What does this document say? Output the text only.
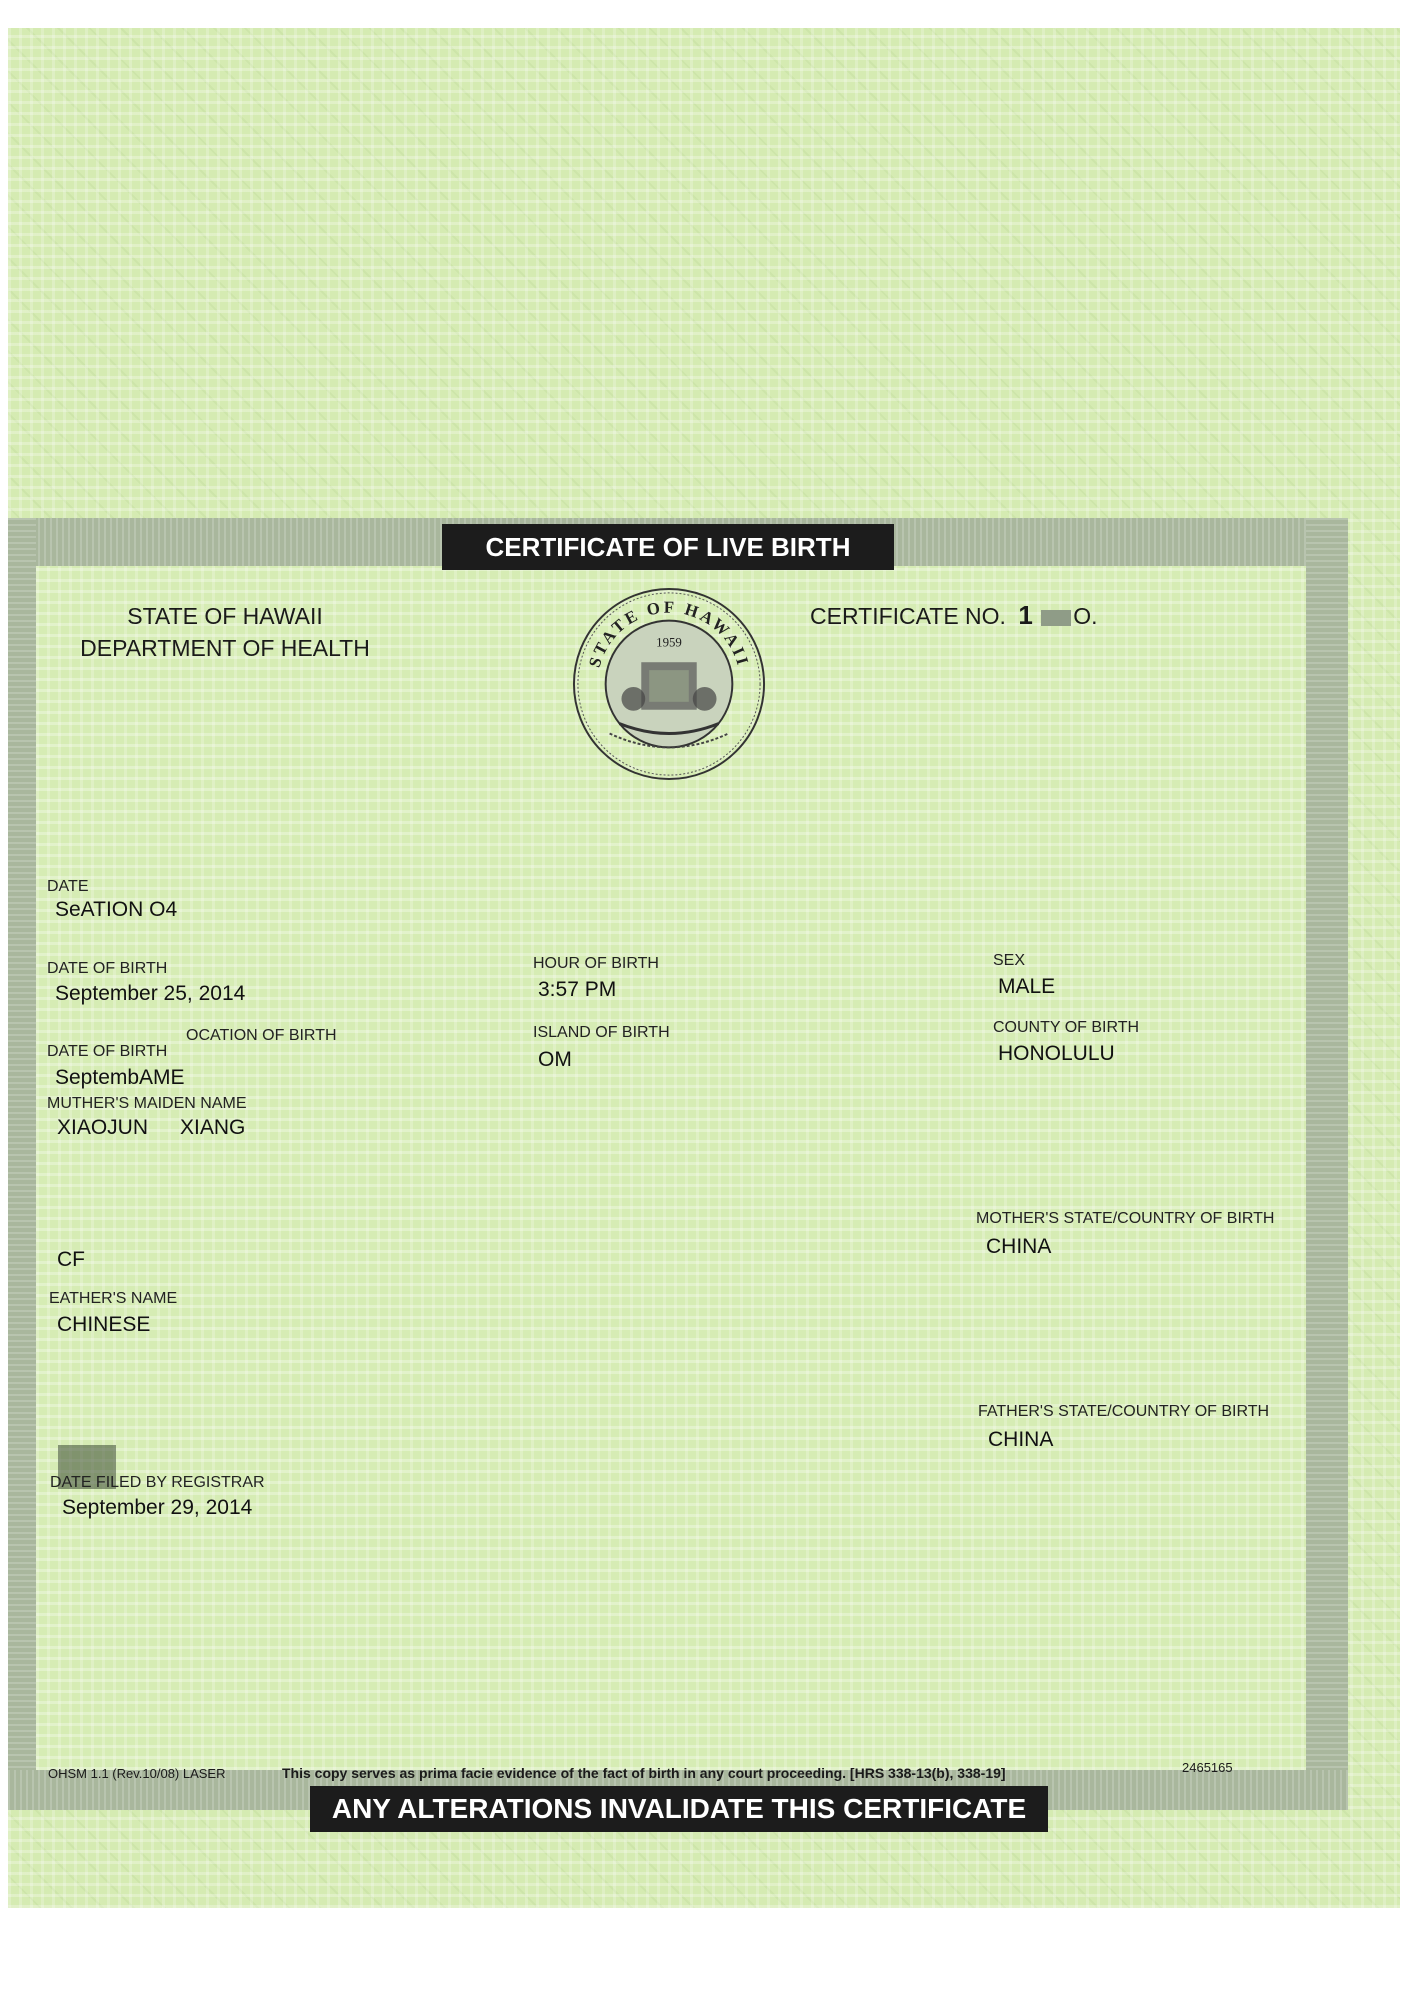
CERTIFICATE OF LIVE BIRTH
STATE OF HAWAII
DEPARTMENT OF HEALTH
CERTIFICATE NO. 1 O.
STATE OF HAWAII
1959
DATE
SeATION O4
DATE OF BIRTH
September 25, 2014
HOUR OF BIRTH
3:57 PM
SEX
MALE
OCATION OF BIRTH
DATE OF BIRTH
SeptembAME
ISLAND OF BIRTH
OM
COUNTY OF BIRTH
HONOLULU
MUTHER'S MAIDEN NAME
XIAOJUN XIANG
MOTHER'S STATE/COUNTRY OF BIRTH
CHINA
CF
EATHER'S NAME
CHINESE
FATHER'S STATE/COUNTRY OF BIRTH
CHINA
DATE FILED BY REGISTRAR
September 29, 2014
OHSM 1.1 (Rev.10/08) LASER	This copy serves as prima facie evidence of the fact of birth in any court proceeding. [HRS 338-13(b), 338-19]	2465165
ANY ALTERATIONS INVALIDATE THIS CERTIFICATE
